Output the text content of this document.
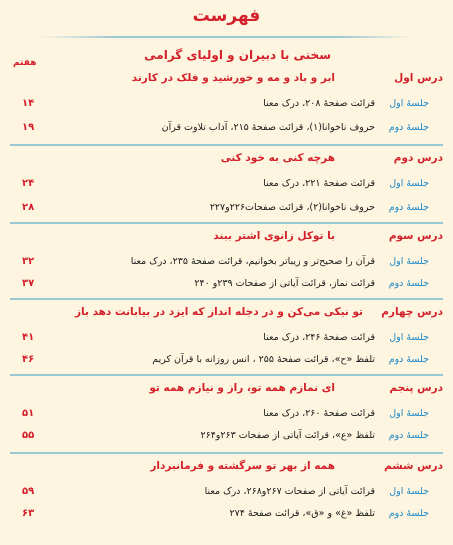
فهرست
سخنی با دبیران و اولیای گرامی
هفتم
درس اول
ابر و باد و مه و خورشید و فلک در کارند
جلسهٔ اول
قرائت صفحهٔ ۲۰۸، درک معنا
۱۴
جلسهٔ دوم
حروف ناخوانا(۱)، قرائت صفحهٔ ۲۱۵، آداب تلاوت قرآن
۱۹
درس دوم
هرچه کنی به خود کنی
جلسهٔ اول
قرائت صفحهٔ ۲۲۱، درک معنا
۲۴
جلسهٔ دوم
حروف ناخوانا(۲)، قرائت صفحات۲۲۶و۲۲۷
۲۸
درس سوم
با توکل زانوی اشتر ببند
جلسهٔ اول
قرآن را صحیح‌تر و زیباتر بخوانیم، قرائت صفحهٔ ۲۳۵، درک معنا
۳۲
جلسهٔ دوم
قرائت نماز، قرائت آیاتی از صفحات ۲۳۹و ۲۴۰
۳۷
درس چهارم
تو نیکی می‌کن و در دجله انداز که ایزد در بیابانت دهد باز
جلسهٔ اول
قرائت صفحهٔ ۲۴۶، درک معنا
۴۱
جلسهٔ دوم
تلفظ «ح»، قرائت صفحهٔ ۲۵۵ ، انس روزانه با قرآن کریم
۴۶
درس پنجم
ای نمازم همه تو، راز و نیازم همه تو
جلسهٔ اول
قرائت صفحهٔ ۲۶۰، درک معنا
۵۱
جلسهٔ دوم
تلفظ «ع»، قرائت آیاتی از صفحات ۲۶۳و۲۶۴
۵۵
درس ششم
همه از بهر تو سرگشته و فرمانبردار
جلسهٔ اول
قرائت آیاتی از صفحات ۲۶۷و۲۶۸، درک معنا
۵۹
جلسهٔ دوم
تلفظ «غ» و «ق»، قرائت صفحهٔ ۲۷۴
۶۳
